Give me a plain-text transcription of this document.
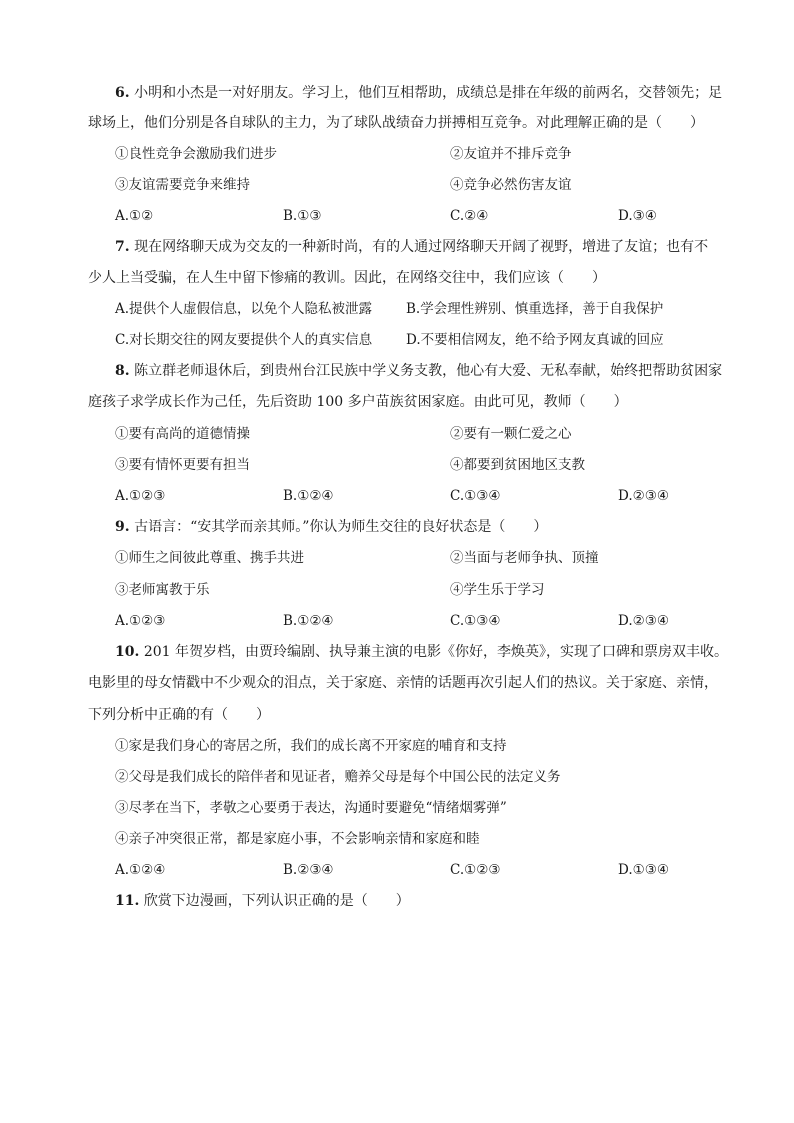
6. 小明和小杰是一对好朋友。学习上，他们互相帮助，成绩总是排在年级的前两名，交替领先；足
球场上，他们分别是各自球队的主力，为了球队战绩奋力拼搏相互竞争。对此理解正确的是（　　）
①良性竞争会激励我们进步	②友谊并不排斥竞争
③友谊需要竞争来维持	④竞争必然伤害友谊
A.①②	B.①③	C.②④	D.③④
7. 现在网络聊天成为交友的一种新时尚，有的人通过网络聊天开阔了视野，增进了友谊；也有不
少人上当受骗，在人生中留下惨痛的教训。因此，在网络交往中，我们应该（　　）
A.提供个人虚假信息，以免个人隐私被泄露	B.学会理性辨别、慎重选择，善于自我保护
C.对长期交往的网友要提供个人的真实信息	D.不要相信网友，绝不给予网友真诚的回应
8. 陈立群老师退休后，到贵州台江民族中学义务支教，他心有大爱、无私奉献，始终把帮助贫困家
庭孩子求学成长作为己任，先后资助 100 多户苗族贫困家庭。由此可见，教师（　　）
①要有高尚的道德情操	②要有一颗仁爱之心
③要有情怀更要有担当	④都要到贫困地区支教
A.①②③	B.①②④	C.①③④	D.②③④
9. 古语言：“安其学而亲其师。”你认为师生交往的良好状态是（　　）
①师生之间彼此尊重、携手共进	②当面与老师争执、顶撞
③老师寓教于乐	④学生乐于学习
A.①②③	B.①②④	C.①③④	D.②③④
10. 201 年贺岁档，由贾玲编剧、执导兼主演的电影《你好，李焕英》，实现了口碑和票房双丰收。
电影里的母女情戳中不少观众的泪点，关于家庭、亲情的话题再次引起人们的热议。关于家庭、亲情，
下列分析中正确的有（　　）
①家是我们身心的寄居之所，我们的成长离不开家庭的哺育和支持
②父母是我们成长的陪伴者和见证者，赡养父母是每个中国公民的法定义务
③尽孝在当下，孝敬之心要勇于表达，沟通时要避免“情绪烟雾弹”
④亲子冲突很正常，都是家庭小事，不会影响亲情和家庭和睦
A.①②④	B.②③④	C.①②③	D.①③④
11. 欣赏下边漫画，下列认识正确的是（　　）
